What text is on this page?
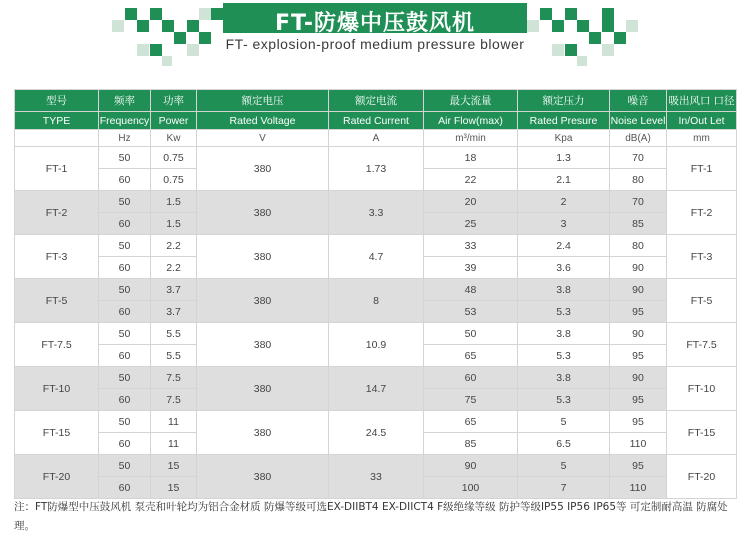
FT-防爆中压鼓风机
FT- explosion-proof medium pressure blower
型号	频率	功率	额定电压	额定电流	最大流量	额定压力	噪音	吸出风口 口径
TYPE	Frequency	Power	Rated Voltage	Rated Current	Air Flow(max)	Rated Presure	Noise Level	In/Out Let
	Hz	Kw	V	A	m³/min	Kpa	dB(A)	mm
FT-1	50	0.75	380	1.73	18	1.3	70	FT-1
	60	0.75			22	2.1	80	
FT-2	50	1.5	380	3.3	20	2	70	FT-2
	60	1.5			25	3	85	
FT-3	50	2.2	380	4.7	33	2.4	80	FT-3
	60	2.2			39	3.6	90	
FT-5	50	3.7	380	8	48	3.8	90	FT-5
	60	3.7			53	5.3	95	
FT-7.5	50	5.5	380	10.9	50	3.8	90	FT-7.5
	60	5.5			65	5.3	95	
FT-10	50	7.5	380	14.7	60	3.8	90	FT-10
	60	7.5			75	5.3	95	
FT-15	50	11	380	24.5	65	5	95	FT-15
	60	11			85	6.5	110	
FT-20	50	15	380	33	90	5	95	FT-20
	60	15			100	7	110	
注：FT防爆型中压鼓风机 泵壳和叶轮均为铝合金材质 防爆等级可选EX-DIIBT4 EX-DIICT4 F级绝缘等级 防护等级IP55 IP56 IP65等 可定制耐高温 防腐处理。
